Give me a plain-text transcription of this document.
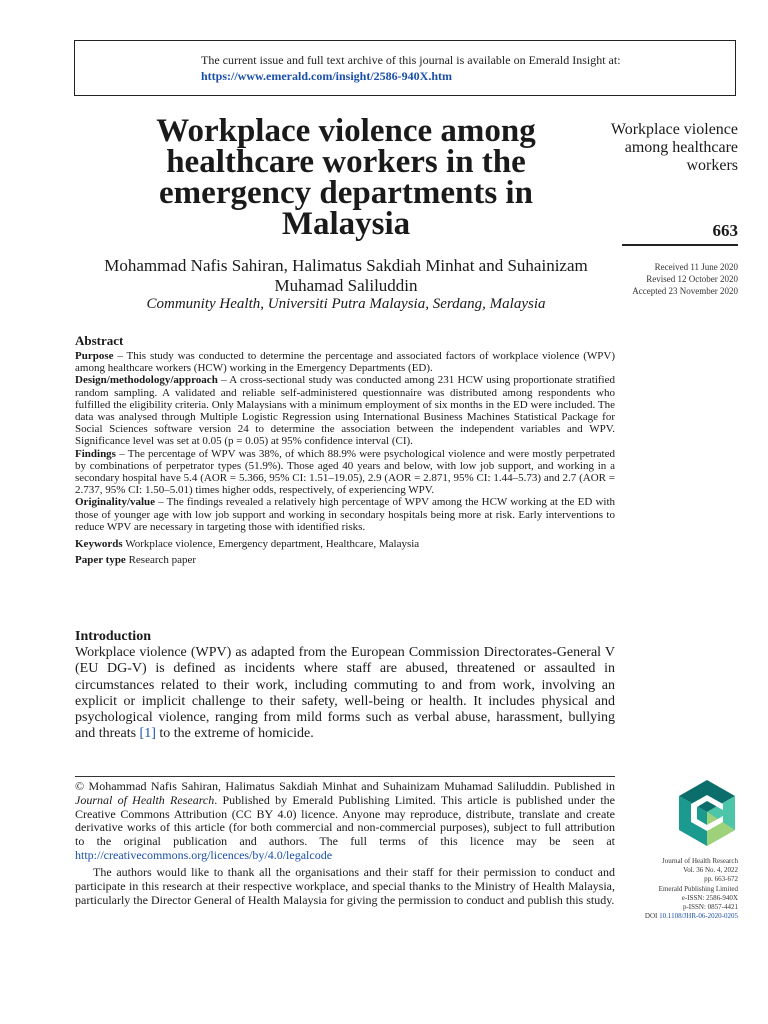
The current issue and full text archive of this journal is available on Emerald Insight at:
https://www.emerald.com/insight/2586-940X.htm
Workplace violence among healthcare workers in the emergency departments in Malaysia
Mohammad Nafis Sahiran, Halimatus Sakdiah Minhat and Suhainizam Muhamad Saliluddin
Community Health, Universiti Putra Malaysia, Serdang, Malaysia
Workplace violence among healthcare workers
663
Received 11 June 2020
Revised 12 October 2020
Accepted 23 November 2020
Abstract

Purpose – This study was conducted to determine the percentage and associated factors of workplace violence (WPV) among healthcare workers (HCW) working in the Emergency Departments (ED).

Design/methodology/approach – A cross-sectional study was conducted among 231 HCW using proportionate stratified random sampling. A validated and reliable self-administered questionnaire was distributed among respondents who fulfilled the eligibility criteria. Only Malaysians with a minimum employment of six months in the ED were included. The data was analysed through Multiple Logistic Regression using International Business Machines Statistical Package for Social Sciences software version 24 to determine the association between the independent variables and WPV. Significance level was set at 0.05 (p = 0.05) at 95% confidence interval (CI).

Findings – The percentage of WPV was 38%, of which 88.9% were psychological violence and were mostly perpetrated by combinations of perpetrator types (51.9%). Those aged 40 years and below, with low job support, and working in a secondary hospital have 5.4 (AOR = 5.366, 95% CI: 1.51–19.05), 2.9 (AOR = 2.871, 95% CI: 1.44–5.73) and 2.7 (AOR = 2.737, 95% CI: 1.50–5.01) times higher odds, respectively, of experiencing WPV.

Originality/value – The findings revealed a relatively high percentage of WPV among the HCW working at the ED with those of younger age with low job support and working in secondary hospitals being more at risk. Early interventions to reduce WPV are necessary in targeting those with identified risks.

Keywords Workplace violence, Emergency department, Healthcare, Malaysia
Paper type Research paper
Introduction

Workplace violence (WPV) as adapted from the European Commission Directorates-General V (EU DG-V) is defined as incidents where staff are abused, threatened or assaulted in circumstances related to their work, including commuting to and from work, involving an explicit or implicit challenge to their safety, well-being or health. It includes physical and psychological violence, ranging from mild forms such as verbal abuse, harassment, bullying and threats [1] to the extreme of homicide.

© Mohammad Nafis Sahiran, Halimatus Sakdiah Minhat and Suhainizam Muhamad Saliluddin. Published in Journal of Health Research. Published by Emerald Publishing Limited. This article is published under the Creative Commons Attribution (CC BY 4.0) licence. Anyone may reproduce, distribute, translate and create derivative works of this article (for both commercial and non-commercial purposes), subject to full attribution to the original publication and authors. The full terms of this licence may be seen at http://creativecommons.org/licences/by/4.0/legalcode

The authors would like to thank all the organisations and their staff for their permission to conduct and participate in this research at their respective workplace, and special thanks to the Ministry of Health Malaysia, particularly the Director General of Health Malaysia for giving the permission to conduct and publish this study.

Journal of Health Research
Vol. 36 No. 4, 2022
pp. 663-672
Emerald Publishing Limited
e-ISSN: 2586-940X
p-ISSN: 0857-4421
DOI 10.1108/JHR-06-2020-0205
